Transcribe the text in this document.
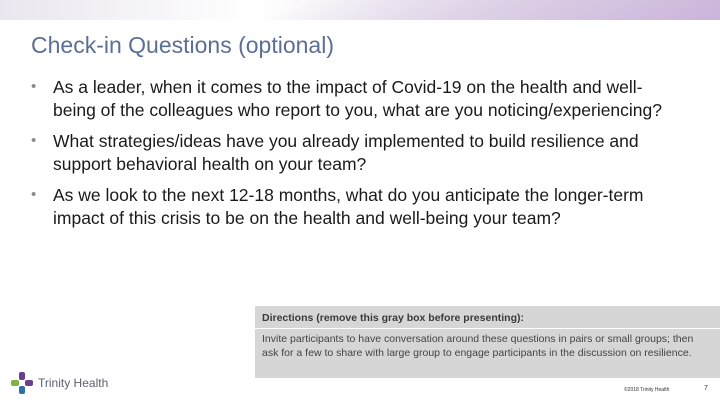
Check-in Questions (optional)
• As a leader, when it comes to the impact of Covid-19 on the health and well-being of the colleagues who report to you, what are you noticing/experiencing?
• What strategies/ideas have you already implemented to build resilience and support behavioral health on your team?
• As we look to the next 12-18 months, what do you anticipate the longer-term impact of this crisis to be on the health and well-being your team?
Directions (remove this gray box before presenting):
Invite participants to have conversation around these questions in pairs or small groups; then ask for a few to share with large group to engage participants in the discussion on resilience.
Trinity Health	©2018 Trinity Health	7
